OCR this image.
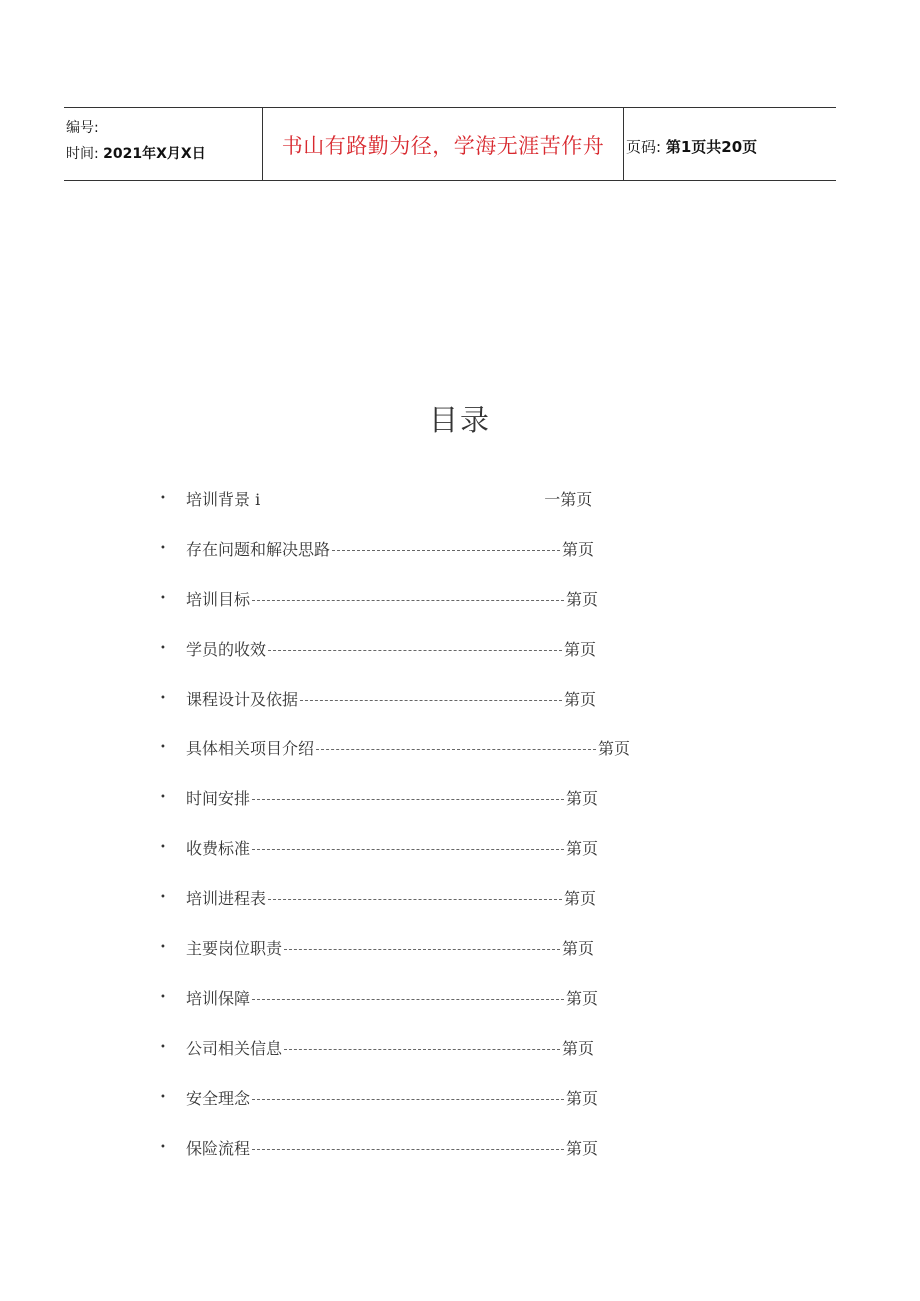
编号:
时间: 2021年X月X日	书山有路勤为径，学海无涯苦作舟	页码: 第1页共20页
目录
• 培训背景 i	一第页
• 存在问题和解决思路	第页
• 培训目标	第页
• 学员的收效	第页
• 课程设计及依据	第页
• 具体相关项目介绍	第页
• 时间安排	第页
• 收费标准	第页
• 培训进程表	第页
• 主要岗位职责	第页
• 培训保障	第页
• 公司相关信息	第页
• 安全理念	第页
• 保险流程	第页
